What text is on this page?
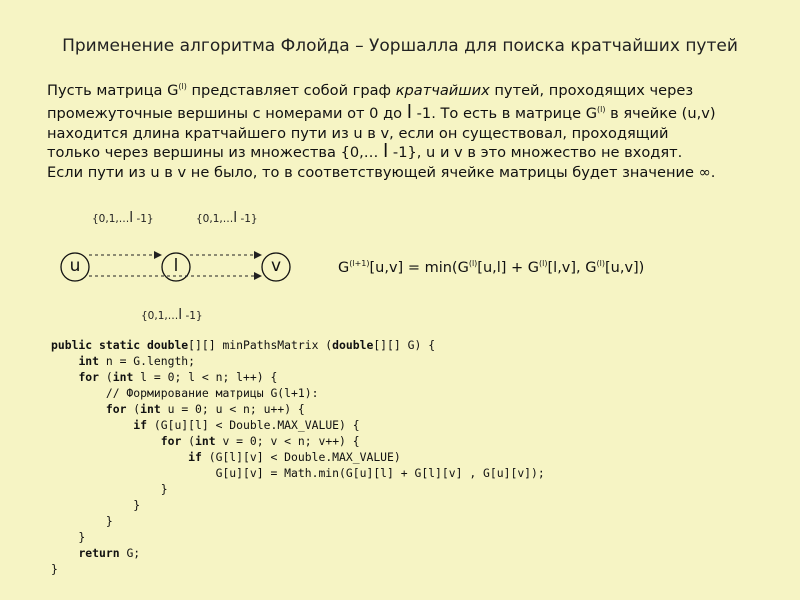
Применение алгоритма Флойда – Уоршалла для поиска кратчайших путей
Пусть матрица $G^{(l)}$ представляет собой граф кратчайших путей, проходящих через
промежуточные вершины с номерами от 0 до l -1. То есть в матрице $G^{(l)}$ в ячейке (u,v)
находится длина кратчайшего пути из u в v, если он существовал, проходящий
только через вершины из множества {0,… l -1}, u и v в это множество не входят.
Если пути из u в v не было, то в соответствующей ячейке матрицы будет значение ∞.
{0,1,…l -1}	{0,1,…l -1}
{0,1,…l -1}
u	l	v	$G^{(l+1)}[u,v] = \min(G^{(l)}[u,l] + G^{(l)}[l,v]$, $G^{(l)}[u,v]$)
public static double[][] minPathsMatrix (double[][] G) {
int n = G.length;
for (int l = 0; l < n; l++) {
// Формирование матрицы G(l+1):
for (int u = 0; u < n; u++) {
if (G[u][l] < Double.MAX_VALUE) {
for (int v = 0; v < n; v++) {
if (G[l][v] < Double.MAX_VALUE)
G[u][v] = Math.min(G[u][l] + G[l][v] , G[u][v]);
}
}
}
}
return G;
}
